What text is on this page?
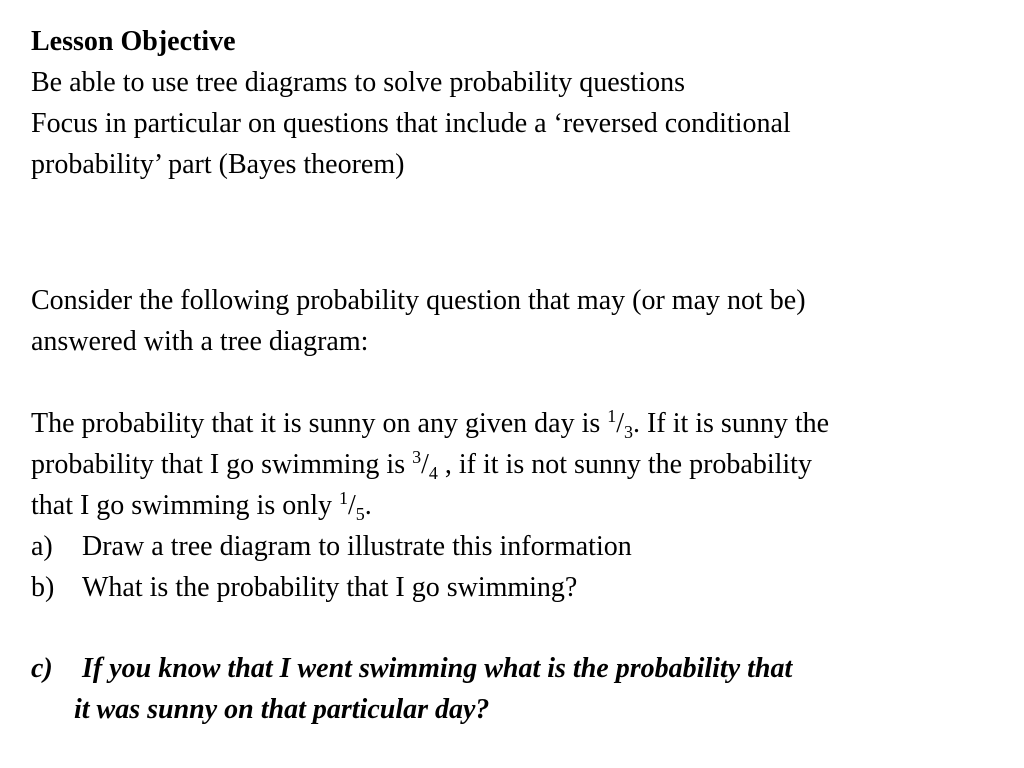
Lesson Objective
Be able to use tree diagrams to solve probability questions
Focus in particular on questions that include a ‘reversed conditional
probability’ part (Bayes theorem)
Consider the following probability question that may (or may not be)
answered with a tree diagram:
The probability that it is sunny on any given day is $^1/_3$. If it is sunny the
probability that I go swimming is $^3/_4$ , if it is not sunny the probability
that I go swimming is only $^1/_5$.
a) Draw a tree diagram to illustrate this information
b) What is the probability that I go swimming?
c) If you know that I went swimming what is the probability that
it was sunny on that particular day?
